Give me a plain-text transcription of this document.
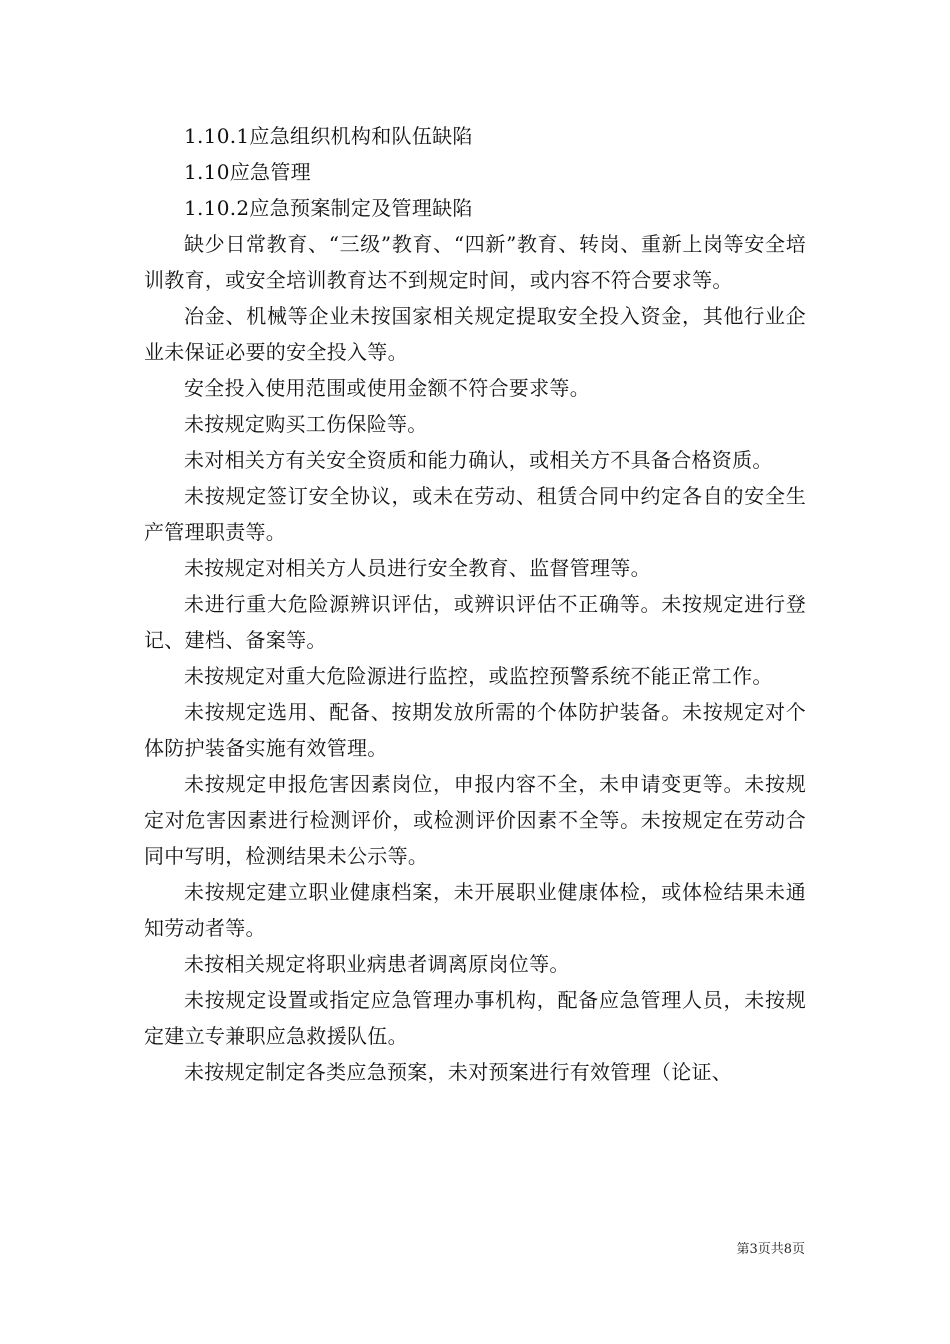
1.10.1应急组织机构和队伍缺陷

1.10应急管理

1.10.2应急预案制定及管理缺陷

缺少日常教育、“三级”教育、“四新”教育、转岗、重新上岗等安全培训教育，或安全培训教育达不到规定时间，或内容不符合要求等。

冶金、机械等企业未按国家相关规定提取安全投入资金，其他行业企业未保证必要的安全投入等。

安全投入使用范围或使用金额不符合要求等。

未按规定购买工伤保险等。

未对相关方有关安全资质和能力确认，或相关方不具备合格资质。

未按规定签订安全协议，或未在劳动、租赁合同中约定各自的安全生产管理职责等。

未按规定对相关方人员进行安全教育、监督管理等。

未进行重大危险源辨识评估，或辨识评估不正确等。未按规定进行登记、建档、备案等。

未按规定对重大危险源进行监控，或监控预警系统不能正常工作。

未按规定选用、配备、按期发放所需的个体防护装备。未按规定对个体防护装备实施有效管理。

未按规定申报危害因素岗位，申报内容不全，未申请变更等。未按规定对危害因素进行检测评价，或检测评价因素不全等。未按规定在劳动合同中写明，检测结果未公示等。

未按规定建立职业健康档案，未开展职业健康体检，或体检结果未通知劳动者等。

未按相关规定将职业病患者调离原岗位等。

未按规定设置或指定应急管理办事机构，配备应急管理人员，未按规定建立专兼职应急救援队伍。

未按规定制定各类应急预案，未对预案进行有效管理（论证、

第3页共8页
